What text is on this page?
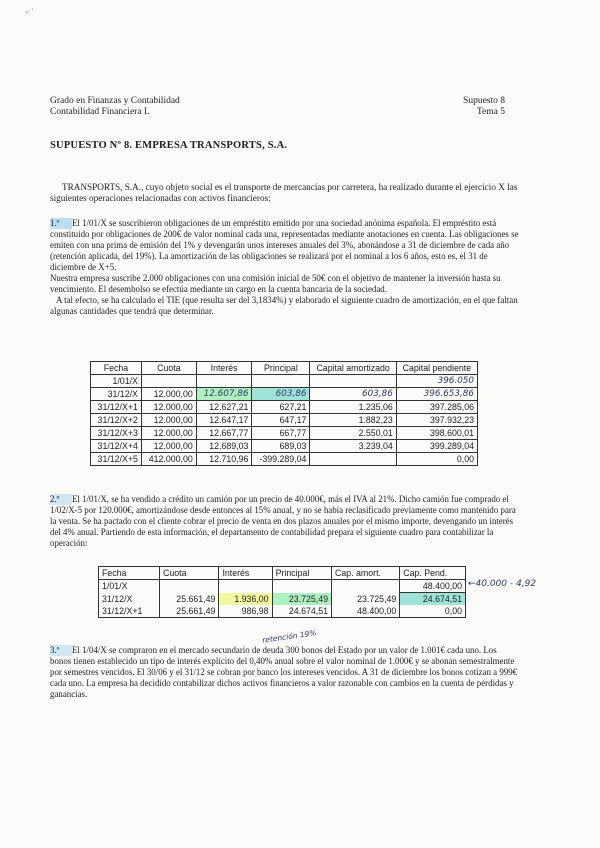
⌐ ·
Grado en Finanzas y Contabilidad
Contabilidad Financiera I.
Supuesto 8
Tema 5
SUPUESTO Nº 8. EMPRESA TRANSPORTS, S.A.
TRANSPORTS, S.A., cuyo objeto social es el transporte de mercancías por carretera, ha realizado durante el ejercicio X las siguientes operaciones relacionadas con activos financieros:

1.º El 1/01/X se suscribieron obligaciones de un empréstito emitido por una sociedad anónima española. El empréstito está constituido por obligaciones de 200€ de valor nominal cada una, representadas mediante anotaciones en cuenta. Las obligaciones se emiten con una prima de emisión del 1% y devengarán unos intereses anuales del 3%, abonándose a 31 de diciembre de cada año (retención aplicada, del 19%). La amortización de las obligaciones se realizará por el nominal a los 6 años, esto es, el 31 de diciembre de X+5.

Nuestra empresa suscribe 2.000 obligaciones con una comisión inicial de 50€ con el objetivo de mantener la inversión hasta su vencimiento. El desembolso se efectúa mediante un cargo en la cuenta bancaria de la sociedad.

A tal efecto, se ha calculado el TIE (que resulta ser del 3,1834%) y elaborado el siguiente cuadro de amortización, en el que faltan algunas cantidades que tendrá que determinar.

Fecha	Cuota	Interés	Principal	Capital amortizado	Capital pendiente
1/01/X					396.050
31/12/X	12.000,00	12.607,86	603,86	603,86	396.653,86
31/12/X+1	12.000,00	12.627,21	627,21	1.235,06	397.285,06
31/12/X+2	12.000,00	12.647,17	647,17	1.882,23	397.932,23
31/12/X+3	12.000,00	12.667,77	667,77	2.550,01	398.600,01
31/12/X+4	12.000,00	12.689,03	689,03	3.239,04	399.289,04
31/12/X+5	412.000,00	12.710,96	-399.289,04		0,00

2.º El 1/01/X, se ha vendido a crédito un camión por un precio de 40.000€, más el IVA al 21%. Dicho camión fue comprado el 1/02/X-5 por 120.000€, amortizándose desde entonces al 15% anual, y no se había reclasificado previamente como mantenido para la venta. Se ha pactado con el cliente cobrar el precio de venta en dos plazos anuales por el mismo importe, devengando un interés del 4% anual. Partiendo de esta información, el departamento de contabilidad prepara el siguiente cuadro para contabilizar la operación:

Fecha	Cuota	Interés	Principal	Cap. amort.	Cap. Pend.
1/01/X					48.400,00
31/12/X	25.661,49	1.936,00	23.725,49	23.725,49	24.674,51
31/12/X+1	25.661,49	986,98	24.674,51	48.400,00	0,00
←40.000 - 4,92
retención 19%

3.º El 1/04/X se compraron en el mercado secundario de deuda 300 bonos del Estado por un valor de 1.001€ cada uno. Los bonos tienen establecido un tipo de interés explícito del 0,40% anual sobre el valor nominal de 1.000€ y se abonan semestralmente por semestres vencidos. El 30/06 y el 31/12 se cobran por banco los intereses vencidos. A 31 de diciembre los bonos cotizan a 999€ cada uno. La empresa ha decidido contabilizar dichos activos financieros a valor razonable con cambios en la cuenta de pérdidas y ganancias.
